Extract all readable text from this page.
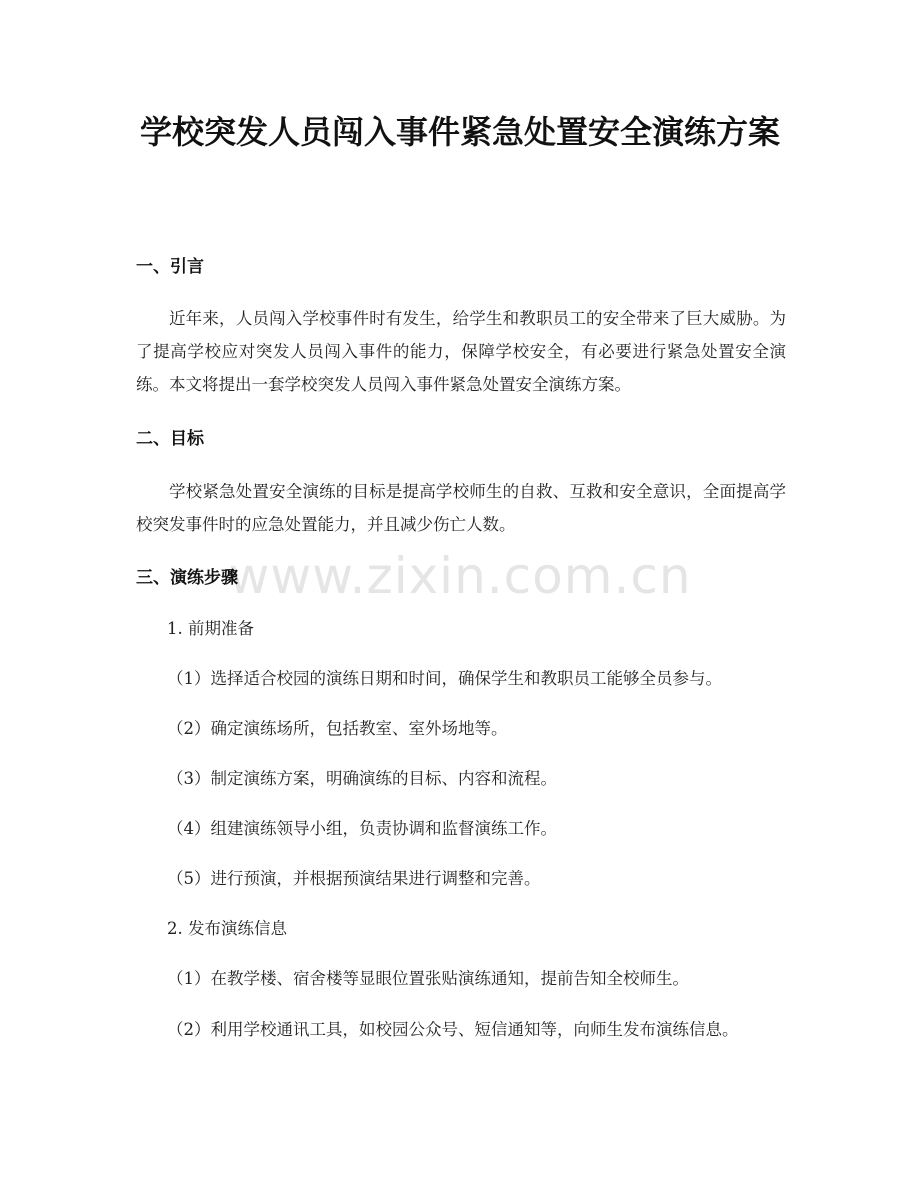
www.zixin.com.cn
学校突发人员闯入事件紧急处置安全演练方案
一、引言

近年来，人员闯入学校事件时有发生，给学生和教职员工的安全带来了巨大威胁。为了提高学校应对突发人员闯入事件的能力，保障学校安全，有必要进行紧急处置安全演练。本文将提出一套学校突发人员闯入事件紧急处置安全演练方案。

二、目标

学校紧急处置安全演练的目标是提高学校师生的自救、互救和安全意识，全面提高学校突发事件时的应急处置能力，并且减少伤亡人数。

三、演练步骤

1. 前期准备

（1）选择适合校园的演练日期和时间，确保学生和教职员工能够全员参与。

（2）确定演练场所，包括教室、室外场地等。

（3）制定演练方案，明确演练的目标、内容和流程。

（4）组建演练领导小组，负责协调和监督演练工作。

（5）进行预演，并根据预演结果进行调整和完善。

2. 发布演练信息

（1）在教学楼、宿舍楼等显眼位置张贴演练通知，提前告知全校师生。

（2）利用学校通讯工具，如校园公众号、短信通知等，向师生发布演练信息。
